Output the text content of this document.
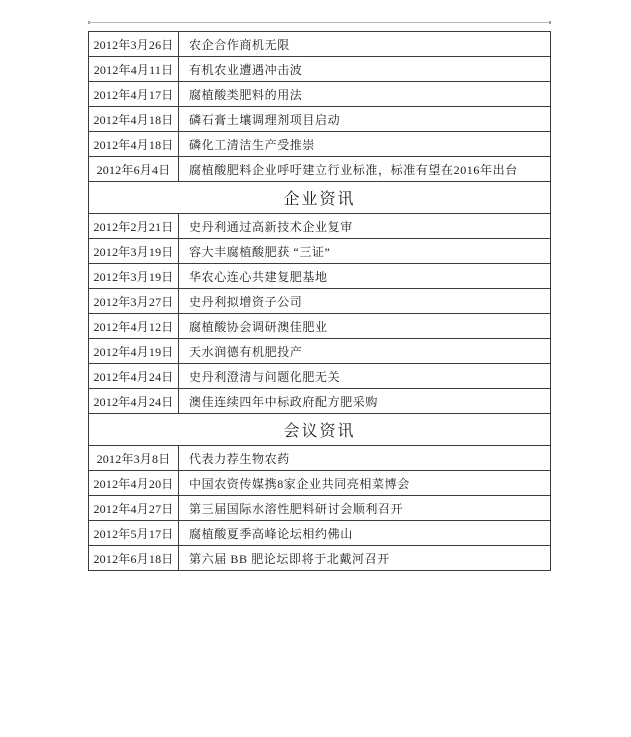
2012年3月26日	农企合作商机无限
2012年4月11日	有机农业遭遇冲击波
2012年4月17日	腐植酸类肥料的用法
2012年4月18日	磷石膏土壤调理剂项目启动
2012年4月18日	磷化工清洁生产受推崇
2012年6月4日	腐植酸肥料企业呼吁建立行业标准，标准有望在2016年出台
企业资讯	
2012年2月21日	史丹利通过高新技术企业复审
2012年3月19日	容大丰腐植酸肥获 “三证”
2012年3月19日	华农心连心共建复肥基地
2012年3月27日	史丹利拟增资子公司
2012年4月12日	腐植酸协会调研澳佳肥业
2012年4月19日	天水润德有机肥投产
2012年4月24日	史丹利澄清与问题化肥无关
2012年4月24日	澳佳连续四年中标政府配方肥采购
会议资讯	
2012年3月8日	代表力荐生物农药
2012年4月20日	中国农资传媒携8家企业共同亮相菜博会
2012年4月27日	第三届国际水溶性肥料研讨会顺利召开
2012年5月17日	腐植酸夏季高峰论坛相约佛山
2012年6月18日	第六届 BB 肥论坛即将于北戴河召开
